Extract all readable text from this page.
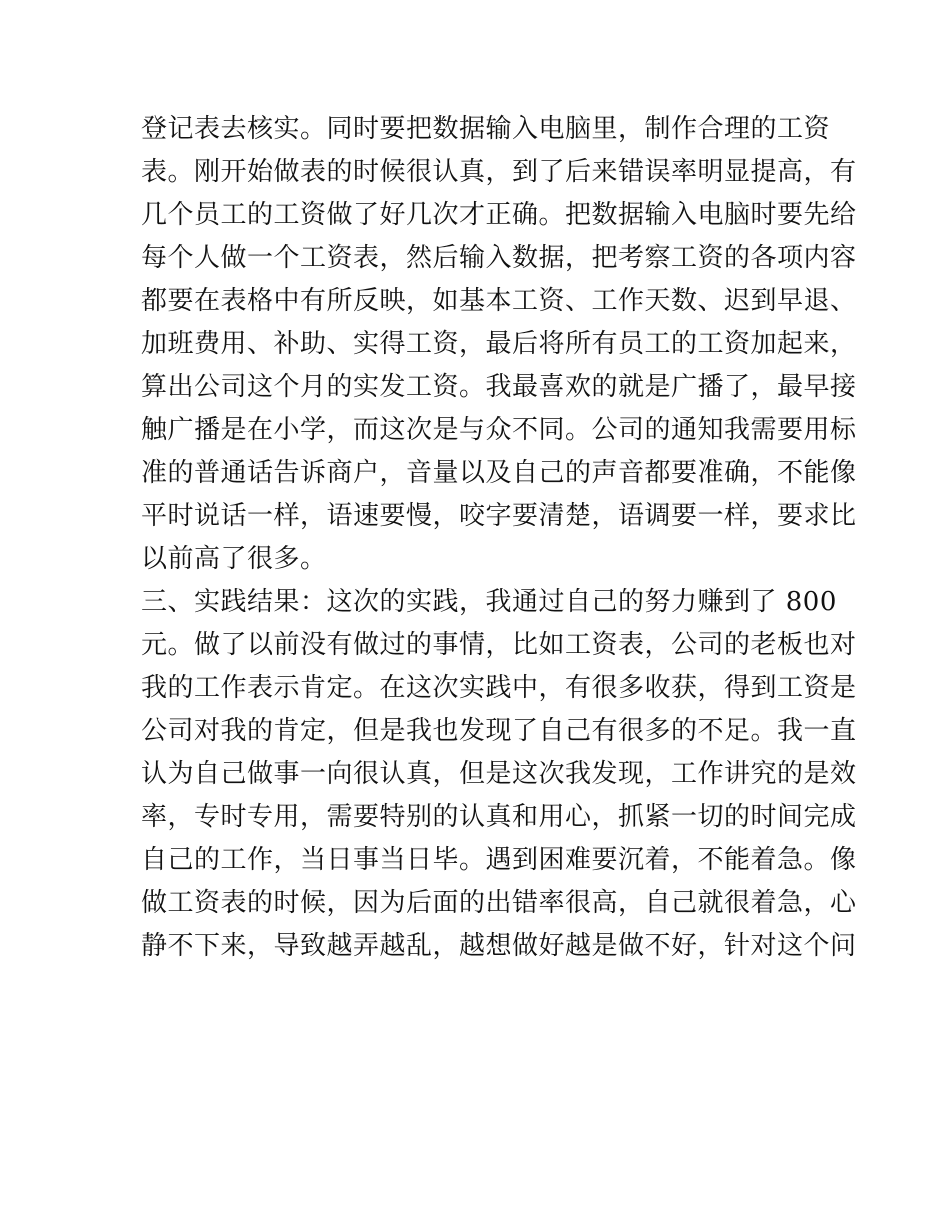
登记表去核实。同时要把数据输入电脑里，制作合理的工资
表。刚开始做表的时候很认真，到了后来错误率明显提高，有
几个员工的工资做了好几次才正确。把数据输入电脑时要先给
每个人做一个工资表，然后输入数据，把考察工资的各项内容
都要在表格中有所反映，如基本工资、工作天数、迟到早退、
加班费用、补助、实得工资，最后将所有员工的工资加起来，
算出公司这个月的实发工资。我最喜欢的就是广播了，最早接
触广播是在小学，而这次是与众不同。公司的通知我需要用标
准的普通话告诉商户，音量以及自己的声音都要准确，不能像
平时说话一样，语速要慢，咬字要清楚，语调要一样，要求比
以前高了很多。
三、实践结果：这次的实践，我通过自己的努力赚到了 800
元。做了以前没有做过的事情，比如工资表，公司的老板也对
我的工作表示肯定。在这次实践中，有很多收获，得到工资是
公司对我的肯定，但是我也发现了自己有很多的不足。我一直
认为自己做事一向很认真，但是这次我发现，工作讲究的是效
率，专时专用，需要特别的认真和用心，抓紧一切的时间完成
自己的工作，当日事当日毕。遇到困难要沉着，不能着急。像
做工资表的时候，因为后面的出错率很高，自己就很着急，心
静不下来，导致越弄越乱，越想做好越是做不好，针对这个问
